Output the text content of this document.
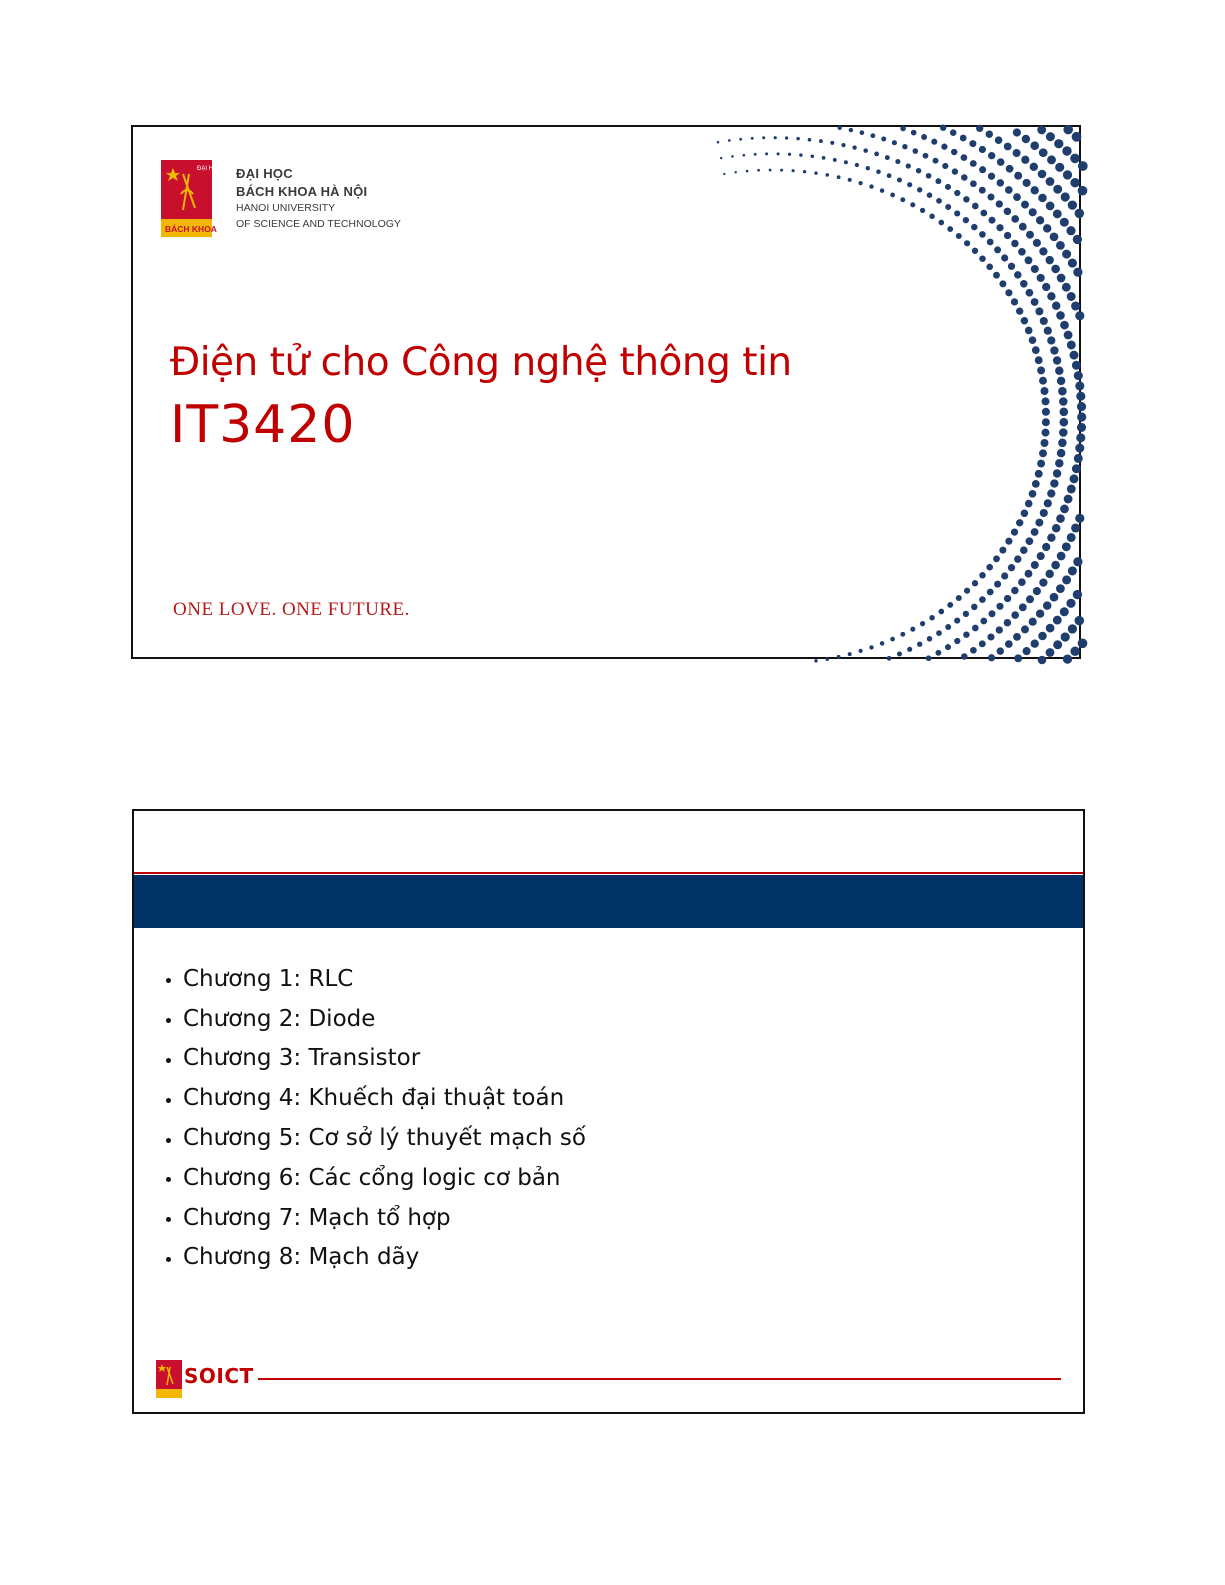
ĐẠI HỌC
BÁCH KHOA
ĐẠI HỌC
BÁCH KHOA HÀ NỘI
HANOI UNIVERSITY
OF SCIENCE AND TECHNOLOGY
Điện tử cho Công nghệ thông tin
IT3420
ONE LOVE. ONE FUTURE.
Chương 1: RLC
Chương 2: Diode
Chương 3: Transistor
Chương 4: Khuếch đại thuật toán
Chương 5: Cơ sở lý thuyết mạch số
Chương 6: Các cổng logic cơ bản
Chương 7: Mạch tổ hợp
Chương 8: Mạch dãy
SOICT
